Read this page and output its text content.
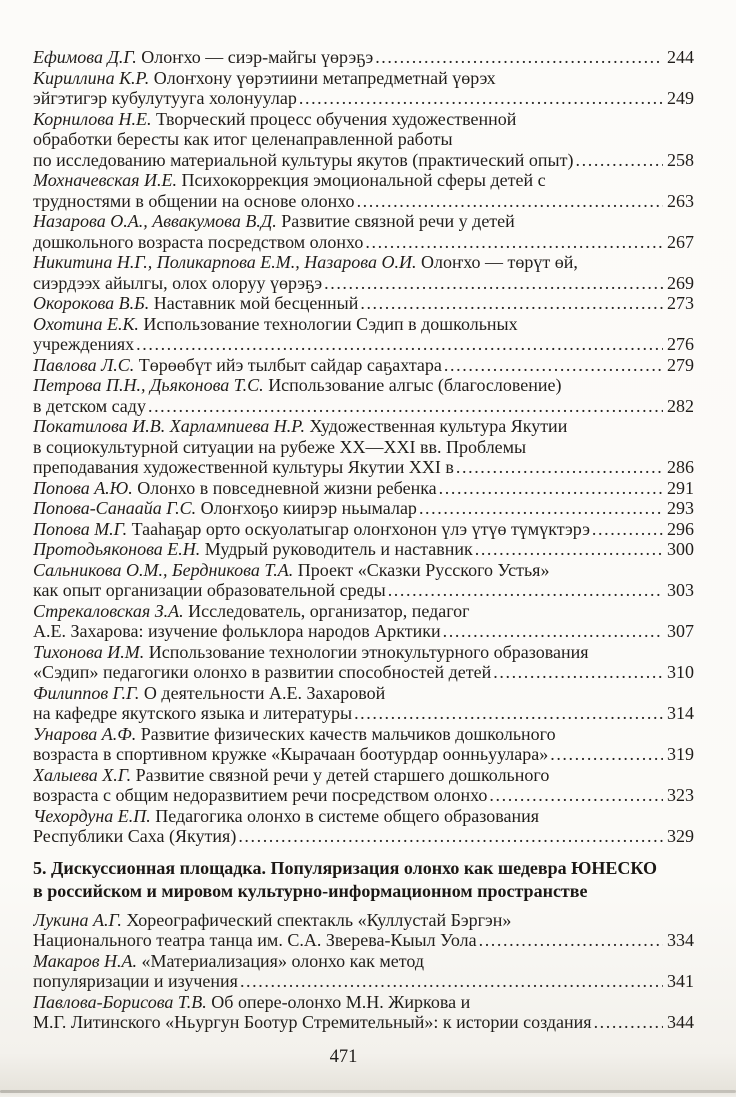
Ефимова Д.Г. Олоҥхо — сиэр-майгы үөрэҕэ .....	244
Кириллина К.Р. Олоҥхону үөрэтиини метапредметнай үөрэх
эйгэтигэр кубулутууга холонуулар .....	249
Корнилова Н.Е. Творческий процесс обучения художественной
обработки бересты как итог целенаправленной работы
по исследованию материальной культуры якутов (практический опыт) .....	258
Мохначевская И.Е. Психокоррекция эмоциональной сферы детей с
трудностями в общении на основе олонхо .....	263
Назарова О.А., Аввакумова В.Д. Развитие связной речи у детей
дошкольного возраста посредством олонхо .....	267
Никитина Н.Г., Поликарпова Е.М., Назарова О.И. Олоҥхо — төрүт өй,
сиэрдээх айылгы, олох олоруу үөрэҕэ .....	269
Окорокова В.Б. Наставник мой бесценный .....	273
Охотина Е.К. Использование технологии Сэдип в дошкольных
учреждениях .....	276
Павлова Л.С. Төрөөбүт ийэ тылбыт сайдар саҕахтара .....	279
Петрова П.Н., Дьяконова Т.С. Использование алгыс (благословение)
в детском саду .....	282
Покатилова И.В. Харлампиева Н.Р. Художественная культура Якутии
в социокультурной ситуации на рубеже XX—XXI вв. Проблемы
преподавания художественной культуры Якутии XXI в .....	286
Попова А.Ю. Олонхо в повседневной жизни ребенка .....	291
Попова-Санаайа Г.С. Олоҥхоҕо киирэр ньымалар .....	293
Попова М.Г. Тааһаҕар орто оскуолатыгар олоҥхонон үлэ үтүө түмүктэрэ .....	296
Протодьяконова Е.Н. Мудрый руководитель и наставник .....	300
Сальникова О.М., Бердникова Т.А. Проект «Сказки Русского Устья»
как опыт организации образовательной среды .....	303
Стрекаловская З.А. Исследователь, организатор, педагог
А.Е. Захарова: изучение фольклора народов Арктики .....	307
Тихонова И.М. Использование технологии этнокультурного образования
«Сэдип» педагогики олонхо в развитии способностей детей .....	310
Филиппов Г.Г. О деятельности А.Е. Захаровой
на кафедре якутского языка и литературы .....	314
Унарова А.Ф. Развитие физических качеств мальчиков дошкольного
возраста в спортивном кружке «Кырачаан боотурдар оонньуулара» .....	319
Халыева Х.Г. Развитие связной речи у детей старшего дошкольного
возраста с общим недоразвитием речи посредством олонхо .....	323
Чехордуна Е.П. Педагогика олонхо в системе общего образования
Республики Саха (Якутия) .....	329
5. Дискуссионная площадка. Популяризация олонхо как шедевра ЮНЕСКО
в российском и мировом культурно-информационном пространстве
Лукина А.Г. Хореографический спектакль «Куллустай Бэргэн»
Национального театра танца им. С.А. Зверева-Кыыл Уола .....	334
Макаров Н.А. «Материализация» олонхо как метод
популяризации и изучения .....	341
Павлова-Борисова Т.В. Об опере-олонхо М.Н. Жиркова и
М.Г. Литинского «Ньургун Боотур Стремительный»: к истории создания .....	344
471
